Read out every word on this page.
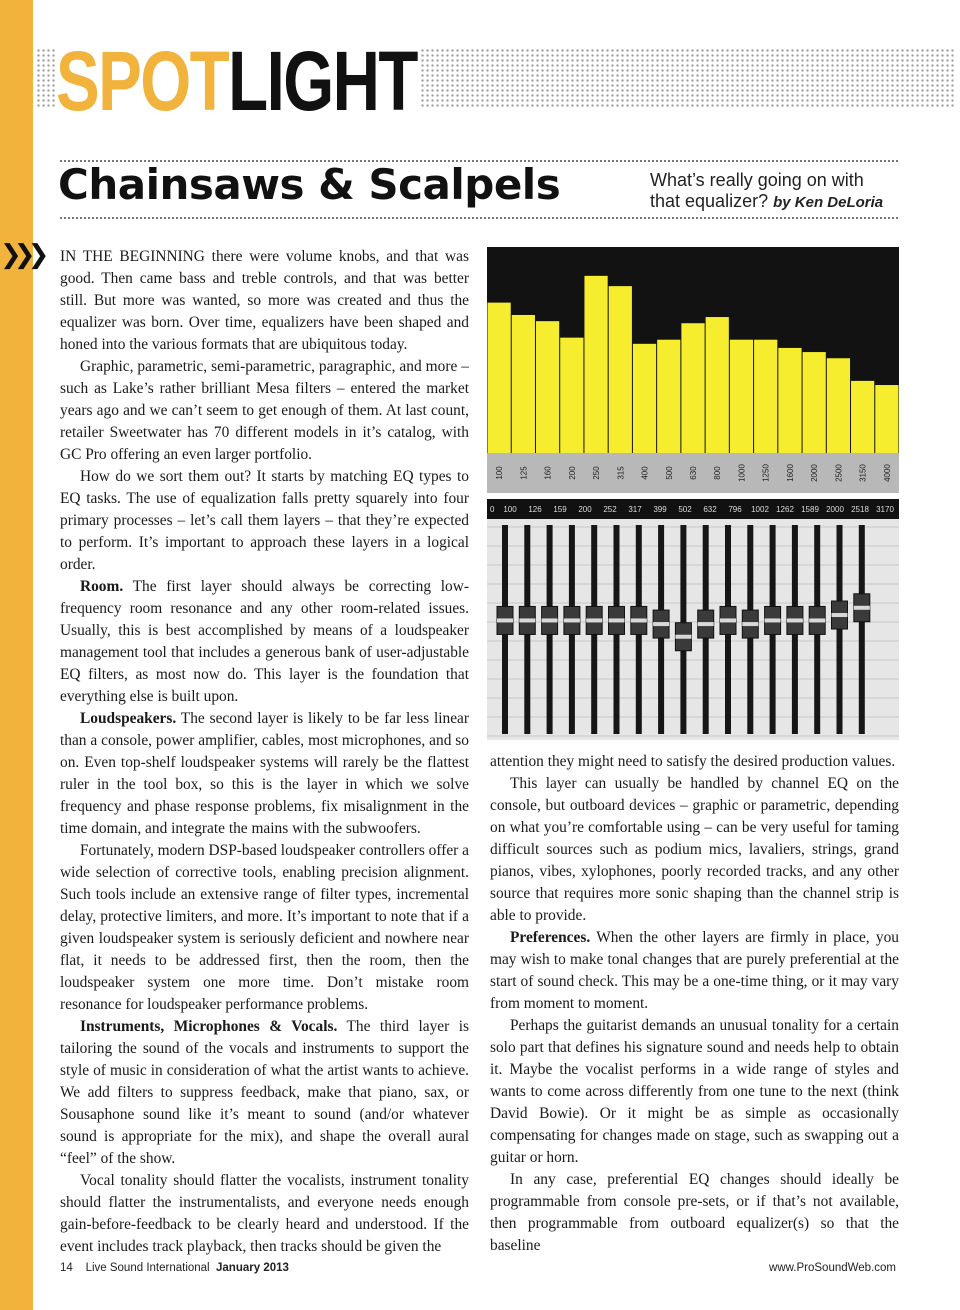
SPOTLIGHT
Chainsaws & Scalpels	What’s really going on with
that equalizer? by Ken DeLoria
❯❯❯ IN THE BEGINNING there were volume knobs, and that was good. Then came bass and treble controls, and that was better still. But more was wanted, so more was created and thus the equalizer was born. Over time, equalizers have been shaped and honed into the various formats that are ubiquitous today.

Graphic, parametric, semi-parametric, paragraphic, and more – such as Lake’s rather brilliant Mesa filters – entered the market years ago and we can’t seem to get enough of them. At last count, retailer Sweetwater has 70 different models in it’s catalog, with GC Pro offering an even larger portfolio.

How do we sort them out? It starts by matching EQ types to EQ tasks. The use of equalization falls pretty squarely into four primary processes – let’s call them layers – that they’re expected to perform. It’s important to approach these layers in a logical order.

Room. The first layer should always be correcting low-frequency room resonance and any other room-related issues. Usually, this is best accomplished by means of a loudspeaker management tool that includes a generous bank of user-adjustable EQ filters, as most now do. This layer is the foundation that everything else is built upon.

Loudspeakers. The second layer is likely to be far less linear than a console, power amplifier, cables, most microphones, and so on. Even top-shelf loudspeaker systems will rarely be the flattest ruler in the tool box, so this is the layer in which we solve frequency and phase response problems, fix misalignment in the time domain, and integrate the mains with the subwoofers.

Fortunately, modern DSP-based loudspeaker controllers offer a wide selection of corrective tools, enabling precision alignment. Such tools include an extensive range of filter types, incremental delay, protective limiters, and more. It’s important to note that if a given loudspeaker system is seriously deficient and nowhere near flat, it needs to be addressed first, then the room, then the loudspeaker system one more time. Don’t mistake room resonance for loudspeaker performance problems.

Instruments, Microphones & Vocals. The third layer is tailoring the sound of the vocals and instruments to support the style of music in consideration of what the artist wants to achieve. We add filters to suppress feedback, make that piano, sax, or Sousaphone sound like it’s meant to sound (and/or whatever sound is appropriate for the mix), and shape the overall aural “feel” of the show.

Vocal tonality should flatter the vocalists, instrument tonality should flatter the instrumentalists, and everyone needs enough gain-before-feedback to be clearly heard and understood. If the event includes track playback, then tracks should be given the

100 125 160 200 250 315 400 500 630 800 1000 1250 1600 2000 2500 3150 4000
0 100 126 159 200 252 317 399 502 632 796 1002 1262 1589 2000 2518 3170

attention they might need to satisfy the desired production values.

This layer can usually be handled by channel EQ on the console, but outboard devices – graphic or parametric, depending on what you’re comfortable using – can be very useful for taming difficult sources such as podium mics, lavaliers, strings, grand pianos, vibes, xylophones, poorly recorded tracks, and any other source that requires more sonic shaping than the channel strip is able to provide.

Preferences. When the other layers are firmly in place, you may wish to make tonal changes that are purely preferential at the start of sound check. This may be a one-time thing, or it may vary from moment to moment.

Perhaps the guitarist demands an unusual tonality for a certain solo part that defines his signature sound and needs help to obtain it. Maybe the vocalist performs in a wide range of styles and wants to come across differently from one tune to the next (think David Bowie). Or it might be as simple as occasionally compensating for changes made on stage, such as swapping out a guitar or horn.

In any case, preferential EQ changes should ideally be programmable from console pre-sets, or if that’s not available, then programmable from outboard equalizer(s) so that the baseline

14 Live Sound International January 2013	www.ProSoundWeb.com
